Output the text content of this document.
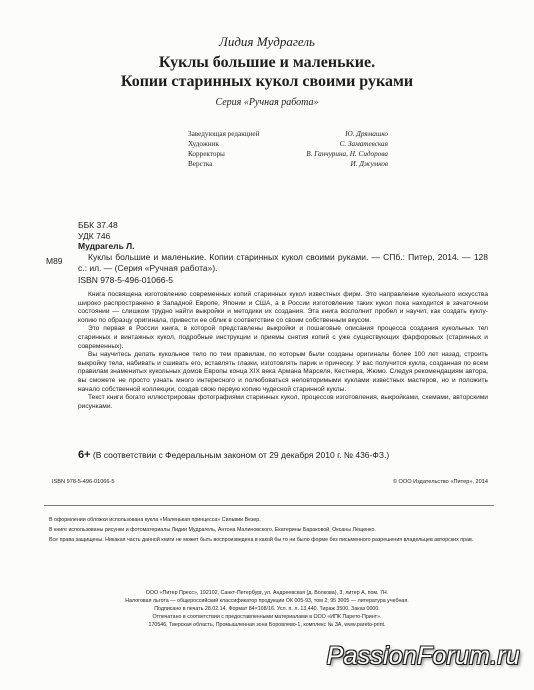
Лидия Мудрагель
Куклы большие и маленькие.
Копии старинных кукол своими руками
Серия «Ручная работа»
Заведующая редакцией	Ю. Дрямашко
Художник	С. Заматевская
Корректоры	В. Ганчурина, Н. Сидорова
Верстка	И. Джумков
ББК 37.48
УДК 746
М89
Мудрагель Л.
Куклы большие и маленькие. Копии старинных кукол своими руками. — СПб.: Питер, 2014. — 128 с.: ил. — (Серия «Ручная работа»).
ISBN 978-5-496-01066-5

Книга посвящена изготовлению современных копий старинных кукол известных фирм. Это направление кукольного искусства широко распространено в Западной Европе, Японии и США, а в России изготовление таких кукол пока находится в зачаточном состоянии — слишком трудно найти выкройки и методики их создания. Эта книга восполнит пробел и научит, как создать куклу-копию по образцу оригинала, привести ее облик в соответствие со своим собственным вкусом.

Это первая в России книга, в которой представлены выкройки и пошаговые описания процесса создания кукольных тел старинных и винтажных кукол, подробные инструкции и приемы снятия копий с уже существующих фарфоровых (старинных и современных).

Вы научитесь делать кукольное тело по тем правилам, по которым были созданы оригиналы более 100 лет назад, строить выкройку тела, набивать и сшивать его, вставлять глазки, изготовлять парик и прическу. У вас получится кукла, созданная по всем правилам знаменитых кукольных домов Европы конца XIX века Армана Марселя, Кестнера, Жюмо. Следуя рекомендациям автора, вы сможете не просто узнать много интересного и полюбоваться неповторимыми куклами известных мастеров, но и положить начало собственной коллекции, создав свою первую копию чудесной старинной куклы.

Текст книги богато иллюстрирован фотографиями старинных кукол, процессов изготовления, выкройками, схемами, авторскими рисунками.

6+ (В соответствии с Федеральным законом от 29 декабря 2010 г. № 436-ФЗ.)
ISBN 978-5-496-01066-5	© ООО Издательство «Питер», 2014
В оформлении обложки использована кукла «Маленькая принцесса» Сильвии Везер.
В книге использованы рисунки и фотоматериалы Лидии Мудрагель, Антона Малиновского, Екатерины Бараковой, Оксаны Лещенко.
Все права защищены. Никакая часть данной книги не может быть воспроизведена в какой бы то ни было форме без письменного разрешения владельцев авторских прав.
ООО «Питер Пресс», 192102, Санкт-Петербург, ул. Андреевская (д. Волкова), 3, литер А, пом. 7Н.
Налоговая льгота — общероссийский классификатор продукции ОК 005-93, том 2; 95 3005 — литература учебная.
Подписано в печать 28.02.14. Формат 84×108/16. Усл. п. л. 13,440. Тираж 3500. Заказ 0000.
Отпечатано в соответствии с предоставленными материалами в ООО «ИПК Парето-Принт».
170546, Тверская область, Промышленная зона Боровлево-1, комплекс № 3А, www.pareto-print.
PassionForum.ru
